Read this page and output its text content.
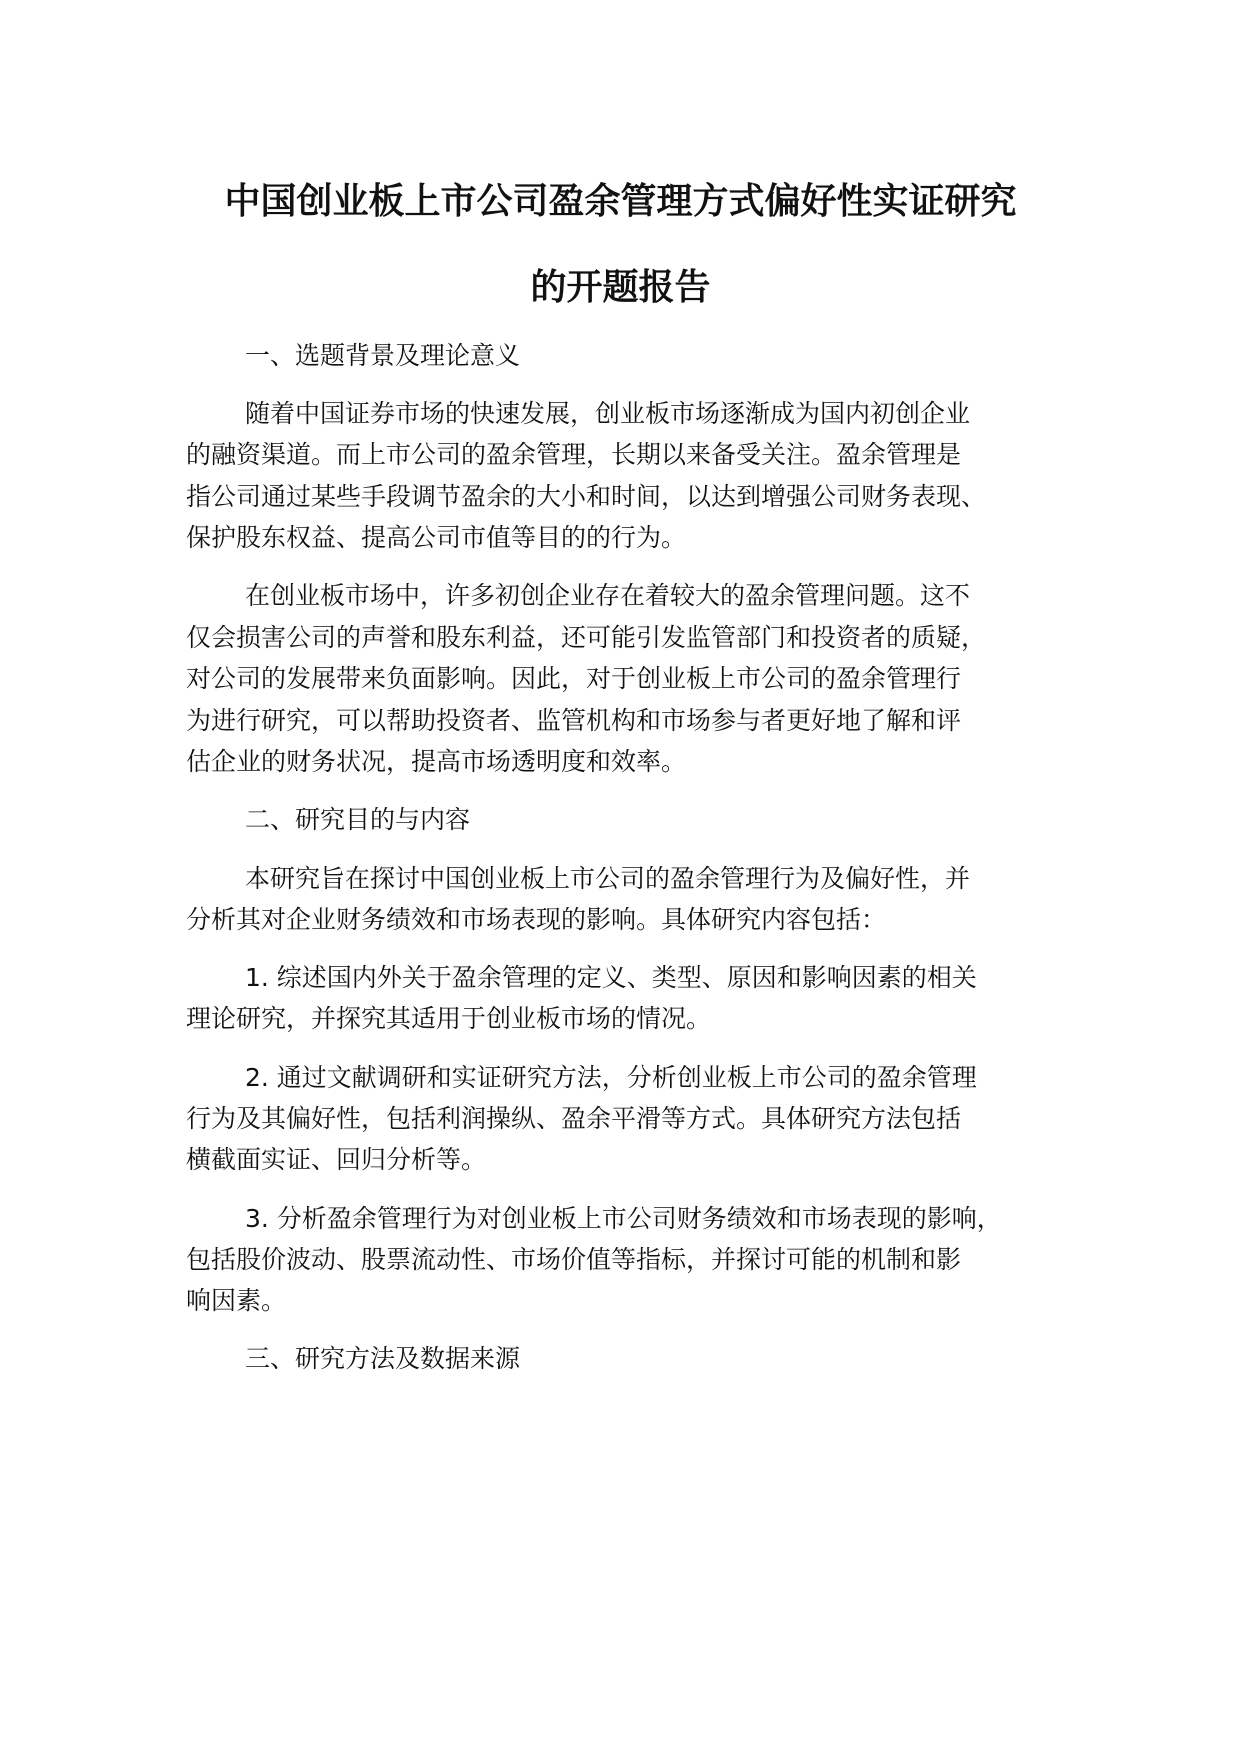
中国创业板上市公司盈余管理方式偏好性实证研究
的开题报告

一、选题背景及理论意义

随着中国证券市场的快速发展，创业板市场逐渐成为国内初创企业

的融资渠道。而上市公司的盈余管理，长期以来备受关注。盈余管理是

指公司通过某些手段调节盈余的大小和时间，以达到增强公司财务表现、

保护股东权益、提高公司市值等目的的行为。

在创业板市场中，许多初创企业存在着较大的盈余管理问题。这不

仅会损害公司的声誉和股东利益，还可能引发监管部门和投资者的质疑，

对公司的发展带来负面影响。因此，对于创业板上市公司的盈余管理行

为进行研究，可以帮助投资者、监管机构和市场参与者更好地了解和评

估企业的财务状况，提高市场透明度和效率。

二、研究目的与内容

本研究旨在探讨中国创业板上市公司的盈余管理行为及偏好性，并

分析其对企业财务绩效和市场表现的影响。具体研究内容包括：

1. 综述国内外关于盈余管理的定义、类型、原因和影响因素的相关

理论研究，并探究其适用于创业板市场的情况。

2. 通过文献调研和实证研究方法，分析创业板上市公司的盈余管理

行为及其偏好性，包括利润操纵、盈余平滑等方式。具体研究方法包括

横截面实证、回归分析等。

3. 分析盈余管理行为对创业板上市公司财务绩效和市场表现的影响，

包括股价波动、股票流动性、市场价值等指标，并探讨可能的机制和影

响因素。

三、研究方法及数据来源
